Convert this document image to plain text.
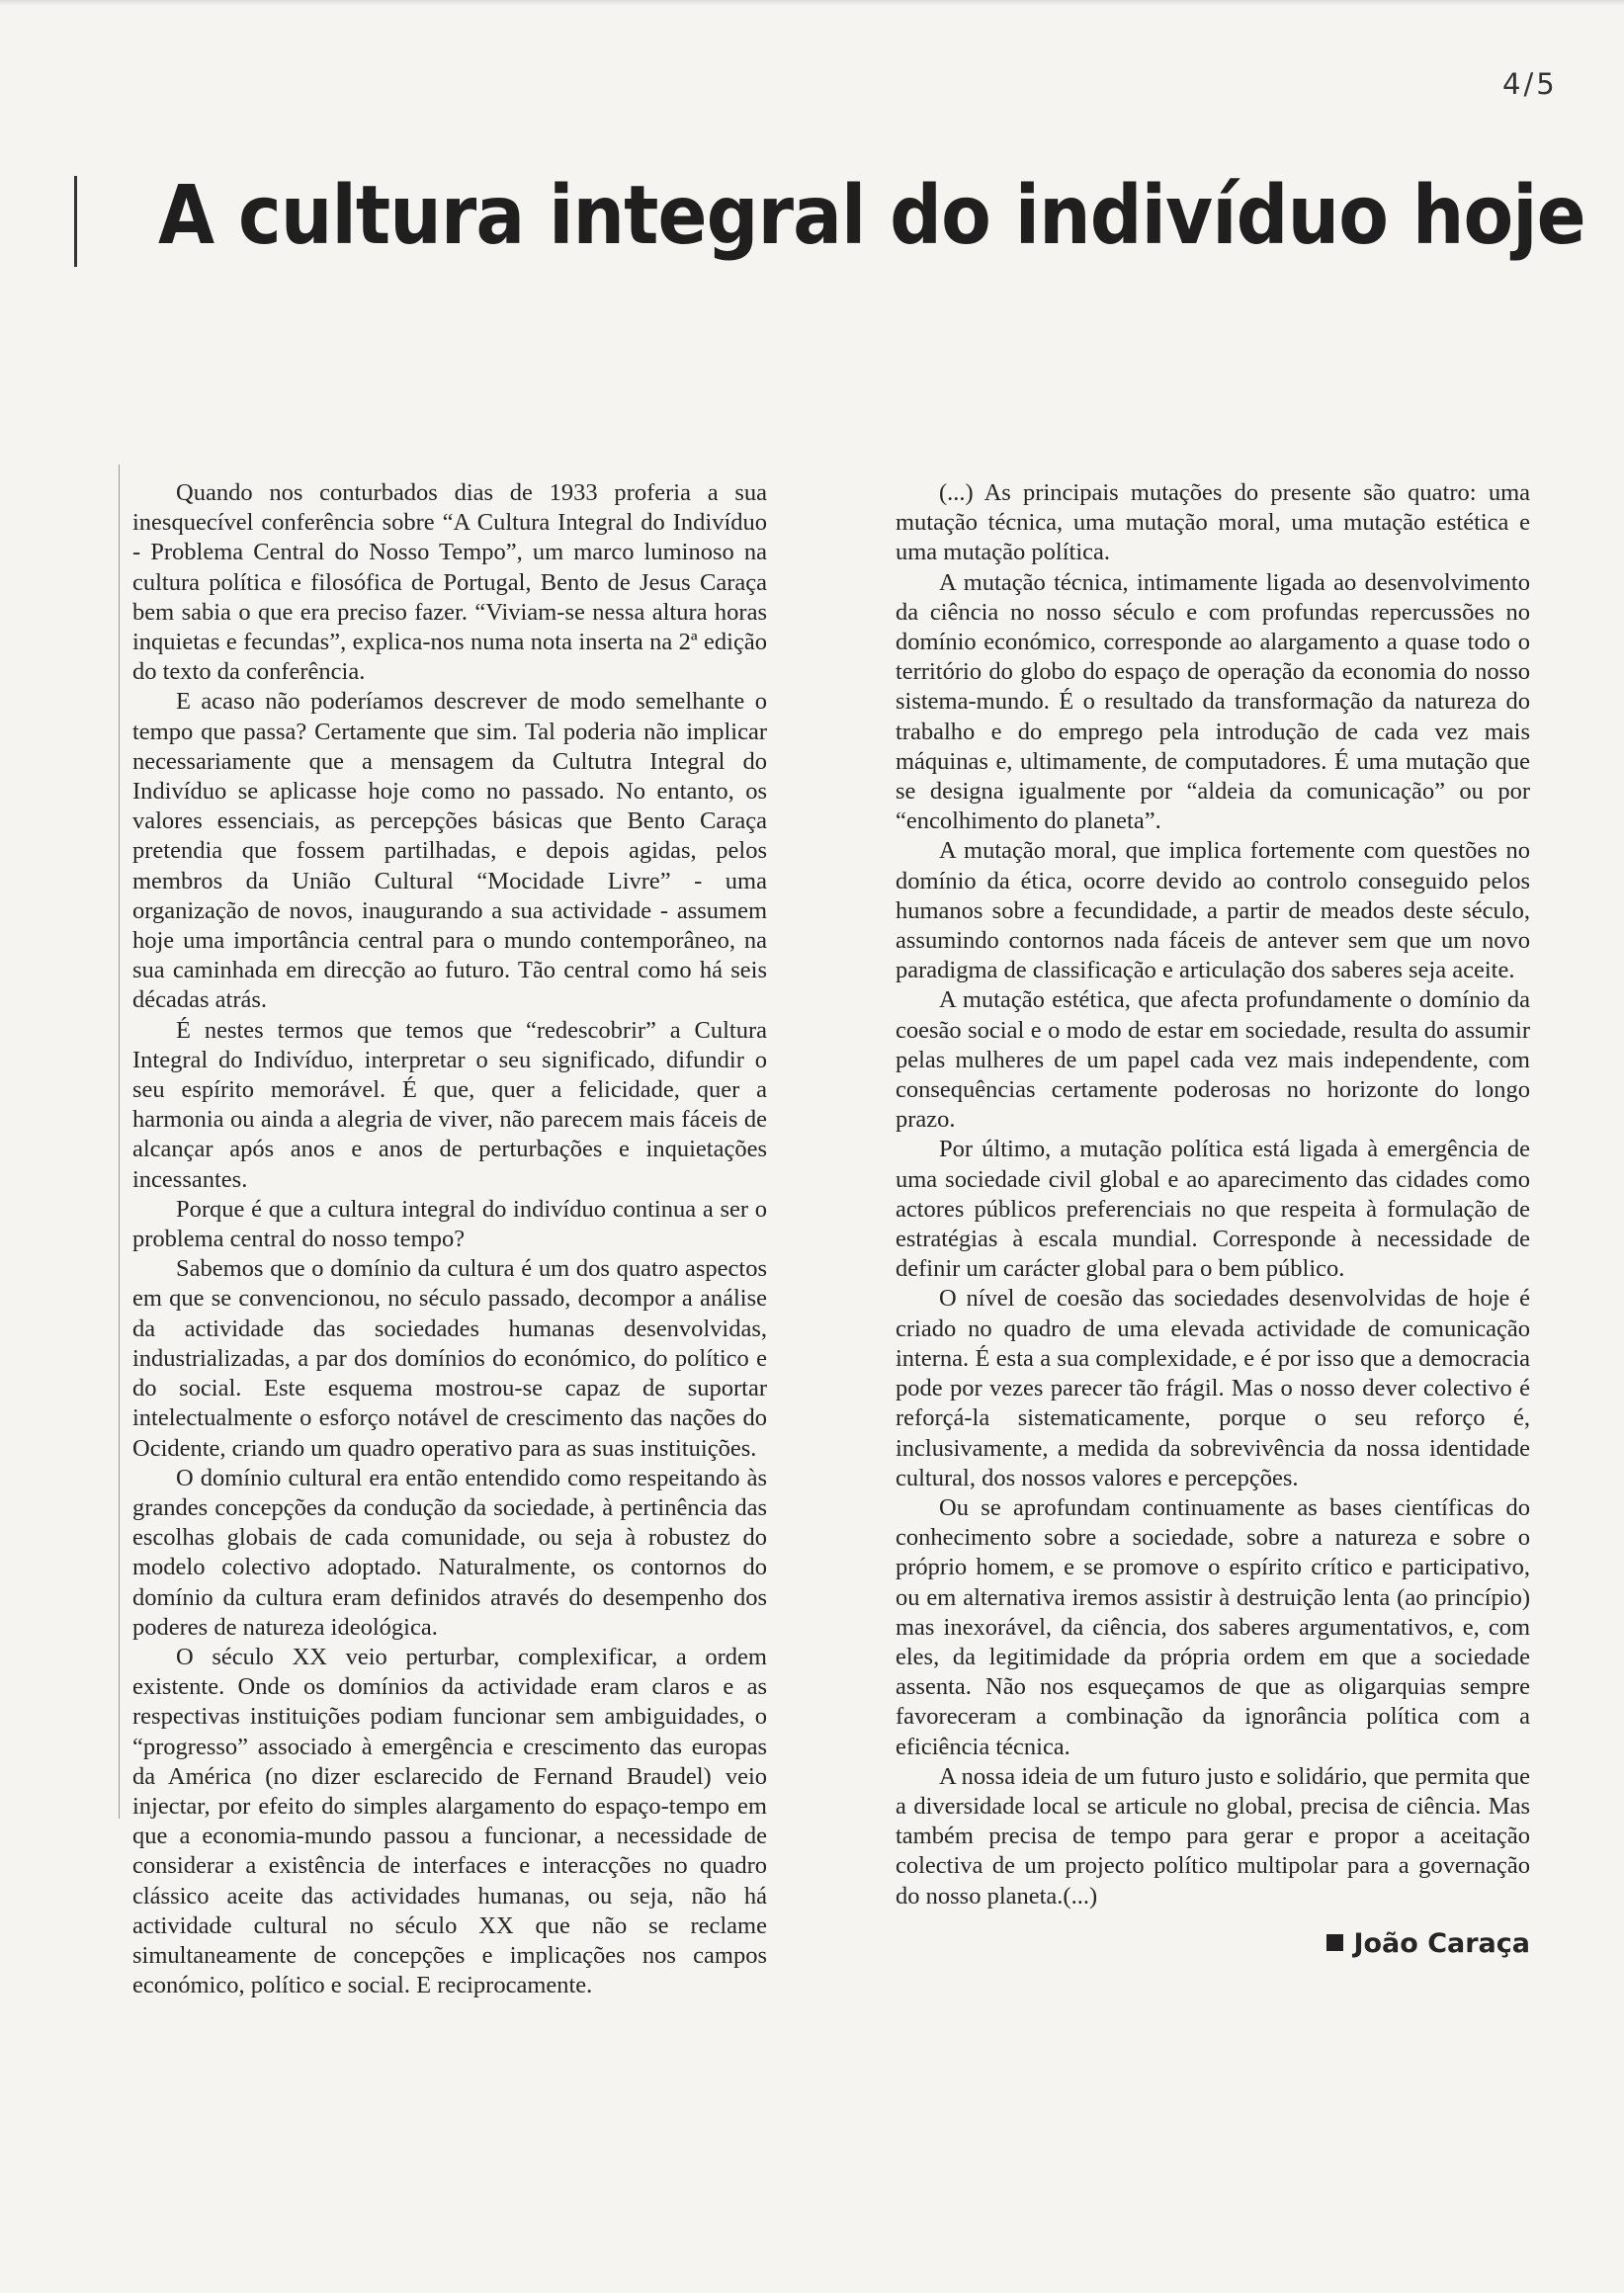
4/5
A cultura integral do indivíduo hoje

Quando nos conturbados dias de 1933 proferia a sua inesquecível conferência sobre “A Cultura Integral do Indivíduo - Problema Central do Nosso Tempo”, um marco luminoso na cultura política e filosófica de Portugal, Bento de Jesus Caraça bem sabia o que era preciso fazer. “Viviam-se nessa altura horas inquietas e fecundas”, explica-nos numa nota inserta na 2ª edição do texto da conferência.

E acaso não poderíamos descrever de modo semelhante o tempo que passa? Certamente que sim. Tal poderia não implicar necessariamente que a mensagem da Cultutra Integral do Indivíduo se aplicasse hoje como no passado. No entanto, os valores essenciais, as percepções básicas que Bento Caraça pretendia que fossem partilhadas, e depois agidas, pelos membros da União Cultural “Mocidade Livre” - uma organização de novos, inaugurando a sua actividade - assumem hoje uma importância central para o mundo contemporâneo, na sua caminhada em direcção ao futuro. Tão central como há seis décadas atrás.

É nestes termos que temos que “redescobrir” a Cultura Integral do Indivíduo, interpretar o seu significado, difundir o seu espírito memorável. É que, quer a felicidade, quer a harmonia ou ainda a alegria de viver, não parecem mais fáceis de alcançar após anos e anos de perturbações e inquietações incessantes.

Porque é que a cultura integral do indivíduo continua a ser o problema central do nosso tempo?

Sabemos que o domínio da cultura é um dos quatro aspectos em que se convencionou, no século passado, decompor a análise da actividade das sociedades humanas desenvolvidas, industrializadas, a par dos domínios do económico, do político e do social. Este esquema mostrou-se capaz de suportar intelectualmente o esforço notável de crescimento das nações do Ocidente, criando um quadro operativo para as suas instituições.

O domínio cultural era então entendido como respeitando às grandes concepções da condução da sociedade, à pertinência das escolhas globais de cada comunidade, ou seja à robustez do modelo colectivo adoptado. Naturalmente, os contornos do domínio da cultura eram definidos através do desempenho dos poderes de natureza ideológica.

O século XX veio perturbar, complexificar, a ordem existente. Onde os domínios da actividade eram claros e as respectivas instituições podiam funcionar sem ambiguidades, o “progresso” associado à emergência e crescimento das europas da América (no dizer esclarecido de Fernand Braudel) veio injectar, por efeito do simples alargamento do espaço-tempo em que a economia-mundo passou a funcionar, a necessidade de considerar a existência de interfaces e interacções no quadro clássico aceite das actividades humanas, ou seja, não há actividade cultural no século XX que não se reclame simultaneamente de concepções e implicações nos campos económico, político e social. E reciprocamente.

(...) As principais mutações do presente são quatro: uma mutação técnica, uma mutação moral, uma mutação estética e uma mutação política.

A mutação técnica, intimamente ligada ao desenvolvimento da ciência no nosso século e com profundas repercussões no domínio económico, corresponde ao alargamento a quase todo o território do globo do espaço de operação da economia do nosso sistema-mundo. É o resultado da transformação da natureza do trabalho e do emprego pela introdução de cada vez mais máquinas e, ultimamente, de computadores. É uma mutação que se designa igualmente por “aldeia da comunicação” ou por “encolhimento do planeta”.

A mutação moral, que implica fortemente com questões no domínio da ética, ocorre devido ao controlo conseguido pelos humanos sobre a fecundidade, a partir de meados deste século, assumindo contornos nada fáceis de antever sem que um novo paradigma de classificação e articulação dos saberes seja aceite.

A mutação estética, que afecta profundamente o domínio da coesão social e o modo de estar em sociedade, resulta do assumir pelas mulheres de um papel cada vez mais independente, com consequências certamente poderosas no horizonte do longo prazo.

Por último, a mutação política está ligada à emergência de uma sociedade civil global e ao aparecimento das cidades como actores públicos preferenciais no que respeita à formulação de estratégias à escala mundial. Corresponde à necessidade de definir um carácter global para o bem público.

O nível de coesão das sociedades desenvolvidas de hoje é criado no quadro de uma elevada actividade de comunicação interna. É esta a sua complexidade, e é por isso que a democracia pode por vezes parecer tão frágil. Mas o nosso dever colectivo é reforçá-la sistematicamente, porque o seu reforço é, inclusivamente, a medida da sobrevivência da nossa identidade cultural, dos nossos valores e percepções.

Ou se aprofundam continuamente as bases científicas do conhecimento sobre a sociedade, sobre a natureza e sobre o próprio homem, e se promove o espírito crítico e participativo, ou em alternativa iremos assistir à destruição lenta (ao princípio) mas inexorável, da ciência, dos saberes argumentativos, e, com eles, da legitimidade da própria ordem em que a sociedade assenta. Não nos esqueçamos de que as oligarquias sempre favoreceram a combinação da ignorância política com a eficiência técnica.

A nossa ideia de um futuro justo e solidário, que permita que a diversidade local se articule no global, precisa de ciência. Mas também precisa de tempo para gerar e propor a aceitação colectiva de um projecto político multipolar para a governação do nosso planeta.(...)

João Caraça
